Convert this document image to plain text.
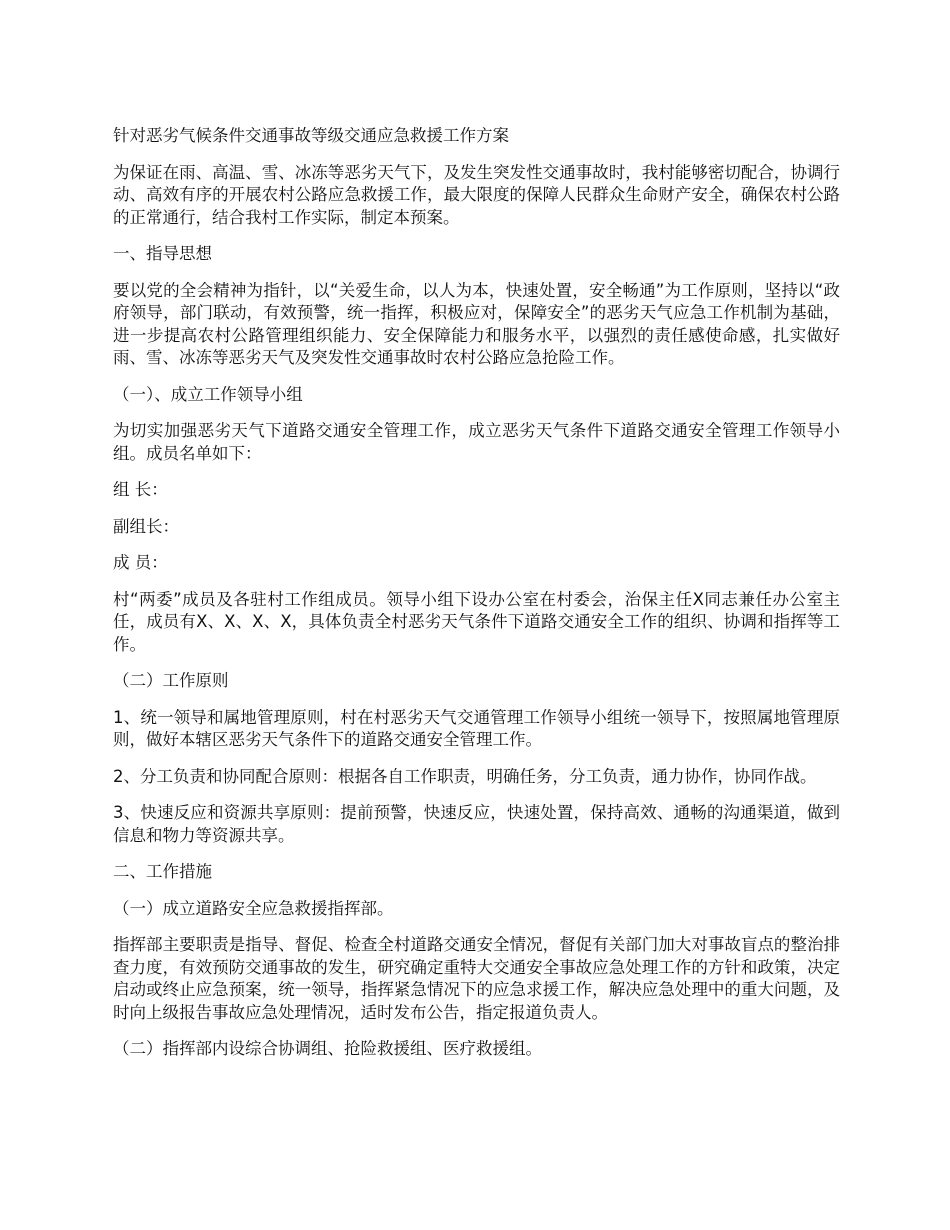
针对恶劣气候条件交通事故等级交通应急救援工作方案

为保证在雨、高温、雪、冰冻等恶劣天气下，及发生突发性交通事故时，我村能够密切配合，协调行动、高效有序的开展农村公路应急救援工作，最大限度的保障人民群众生命财产安全，确保农村公路的正常通行，结合我村工作实际，制定本预案。

一、指导思想

要以党的全会精神为指针，以“关爱生命，以人为本，快速处置，安全畅通”为工作原则，坚持以“政府领导，部门联动，有效预警，统一指挥，积极应对，保障安全”的恶劣天气应急工作机制为基础，进一步提高农村公路管理组织能力、安全保障能力和服务水平，以强烈的责任感使命感，扎实做好雨、雪、冰冻等恶劣天气及突发性交通事故时农村公路应急抢险工作。

（一）、成立工作领导小组

为切实加强恶劣天气下道路交通安全管理工作，成立恶劣天气条件下道路交通安全管理工作领导小组。成员名单如下：

组 长：

副组长：

成 员：

村“两委”成员及各驻村工作组成员。领导小组下设办公室在村委会，治保主任X同志兼任办公室主任，成员有X、X、X、X，具体负责全村恶劣天气条件下道路交通安全工作的组织、协调和指挥等工作。

（二）工作原则

1、统一领导和属地管理原则，村在村恶劣天气交通管理工作领导小组统一领导下，按照属地管理原则，做好本辖区恶劣天气条件下的道路交通安全管理工作。

2、分工负责和协同配合原则：根据各自工作职责，明确任务，分工负责，通力协作，协同作战。

3、快速反应和资源共享原则：提前预警，快速反应，快速处置，保持高效、通畅的沟通渠道，做到信息和物力等资源共享。

二、工作措施

（一）成立道路安全应急救援指挥部。

指挥部主要职责是指导、督促、检查全村道路交通安全情况，督促有关部门加大对事故盲点的整治排查力度，有效预防交通事故的发生，研究确定重特大交通安全事故应急处理工作的方针和政策，决定启动或终止应急预案，统一领导，指挥紧急情况下的应急求援工作，解决应急处理中的重大问题，及时向上级报告事故应急处理情况，适时发布公告，指定报道负责人。

（二）指挥部内设综合协调组、抢险救援组、医疗救援组。
